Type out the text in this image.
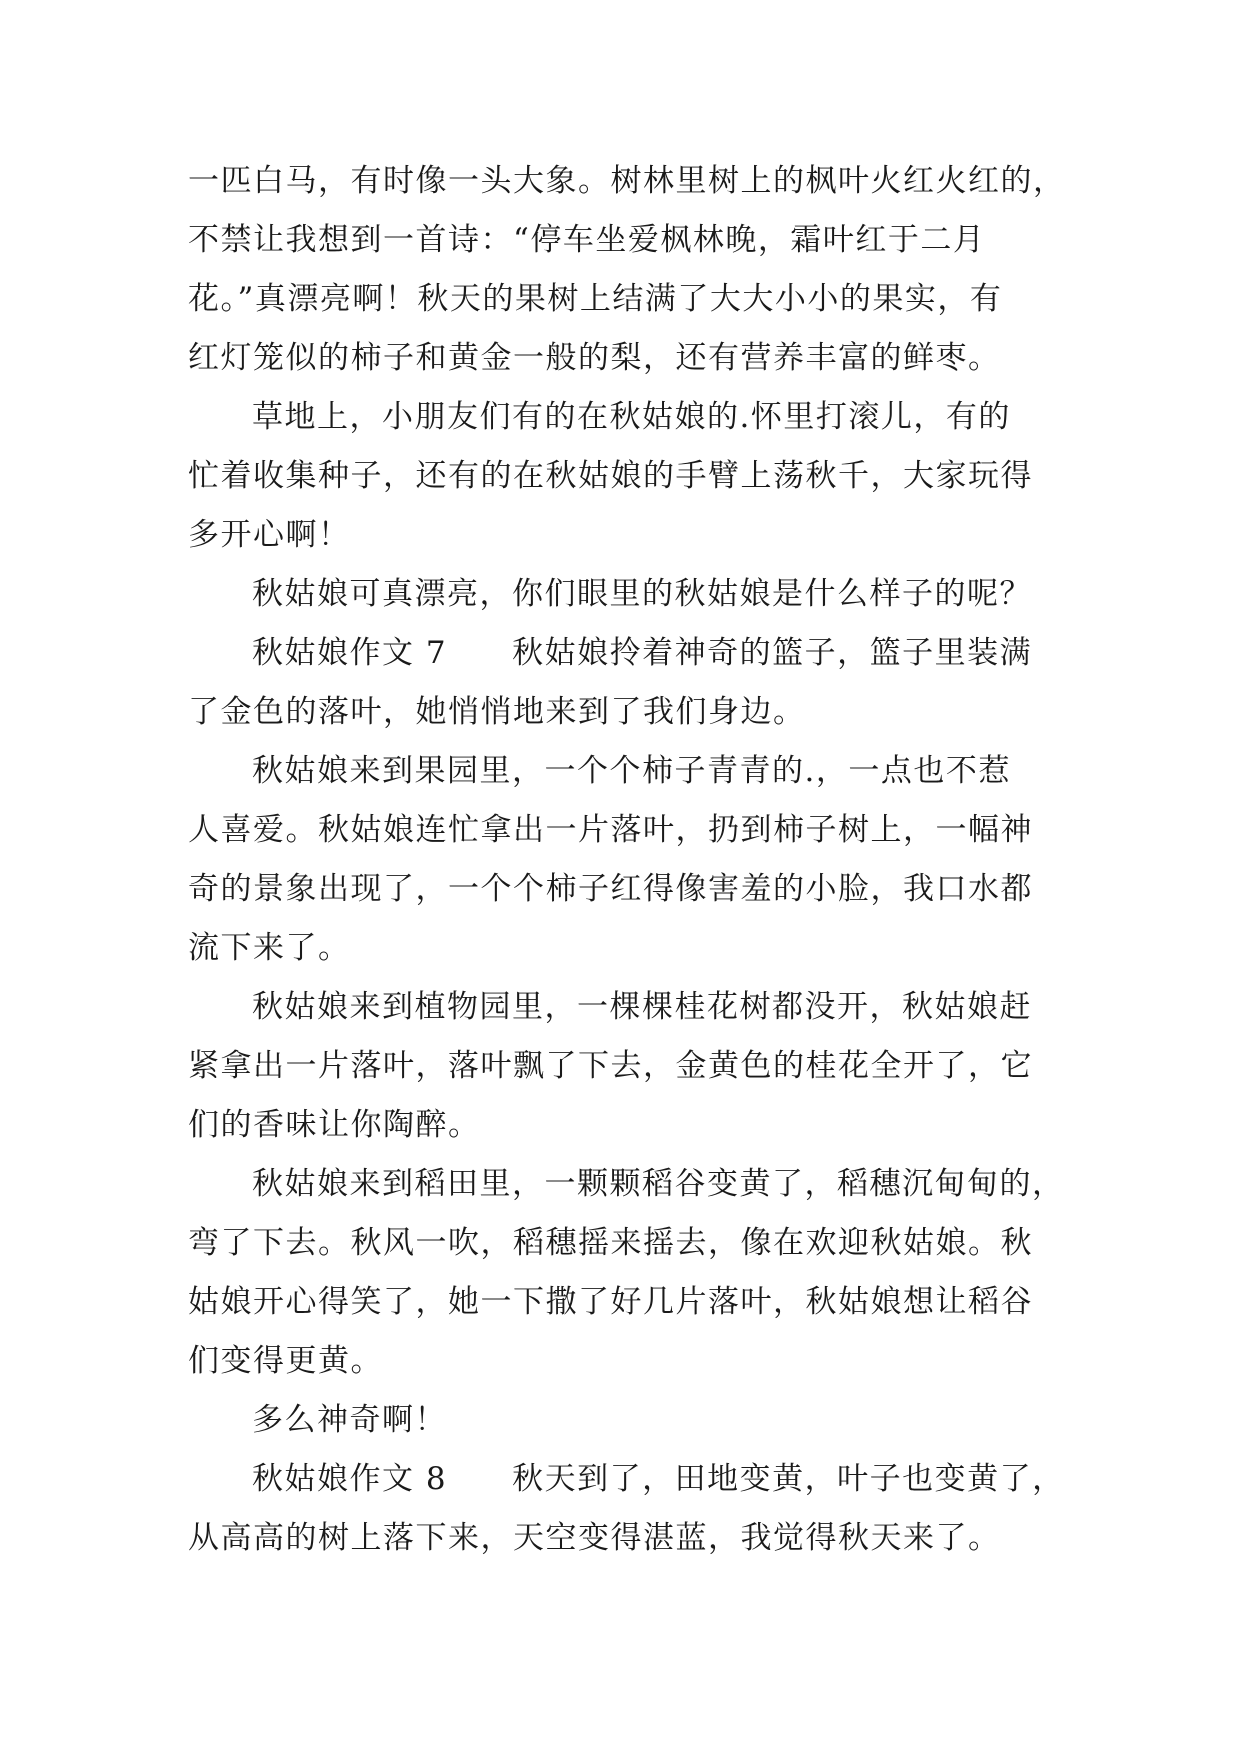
一匹白马，有时像一头大象。树林里树上的枫叶火红火红的，
不禁让我想到一首诗：“停车坐爱枫林晚，霜叶红于二月
花。”真漂亮啊！秋天的果树上结满了大大小小的果实，有
红灯笼似的柿子和黄金一般的梨，还有营养丰富的鲜枣。
草地上，小朋友们有的在秋姑娘的.怀里打滚儿，有的
忙着收集种子，还有的在秋姑娘的手臂上荡秋千，大家玩得
多开心啊！
秋姑娘可真漂亮，你们眼里的秋姑娘是什么样子的呢？
秋姑娘作文 7　　秋姑娘拎着神奇的篮子，篮子里装满
了金色的落叶，她悄悄地来到了我们身边。
秋姑娘来到果园里，一个个柿子青青的.，一点也不惹
人喜爱。秋姑娘连忙拿出一片落叶，扔到柿子树上，一幅神
奇的景象出现了，一个个柿子红得像害羞的小脸，我口水都
流下来了。
秋姑娘来到植物园里，一棵棵桂花树都没开，秋姑娘赶
紧拿出一片落叶，落叶飘了下去，金黄色的桂花全开了，它
们的香味让你陶醉。
秋姑娘来到稻田里，一颗颗稻谷变黄了，稻穗沉甸甸的，
弯了下去。秋风一吹，稻穗摇来摇去，像在欢迎秋姑娘。秋
姑娘开心得笑了，她一下撒了好几片落叶，秋姑娘想让稻谷
们变得更黄。
多么神奇啊！
秋姑娘作文 8　　秋天到了，田地变黄，叶子也变黄了，
从高高的树上落下来，天空变得湛蓝，我觉得秋天来了。
